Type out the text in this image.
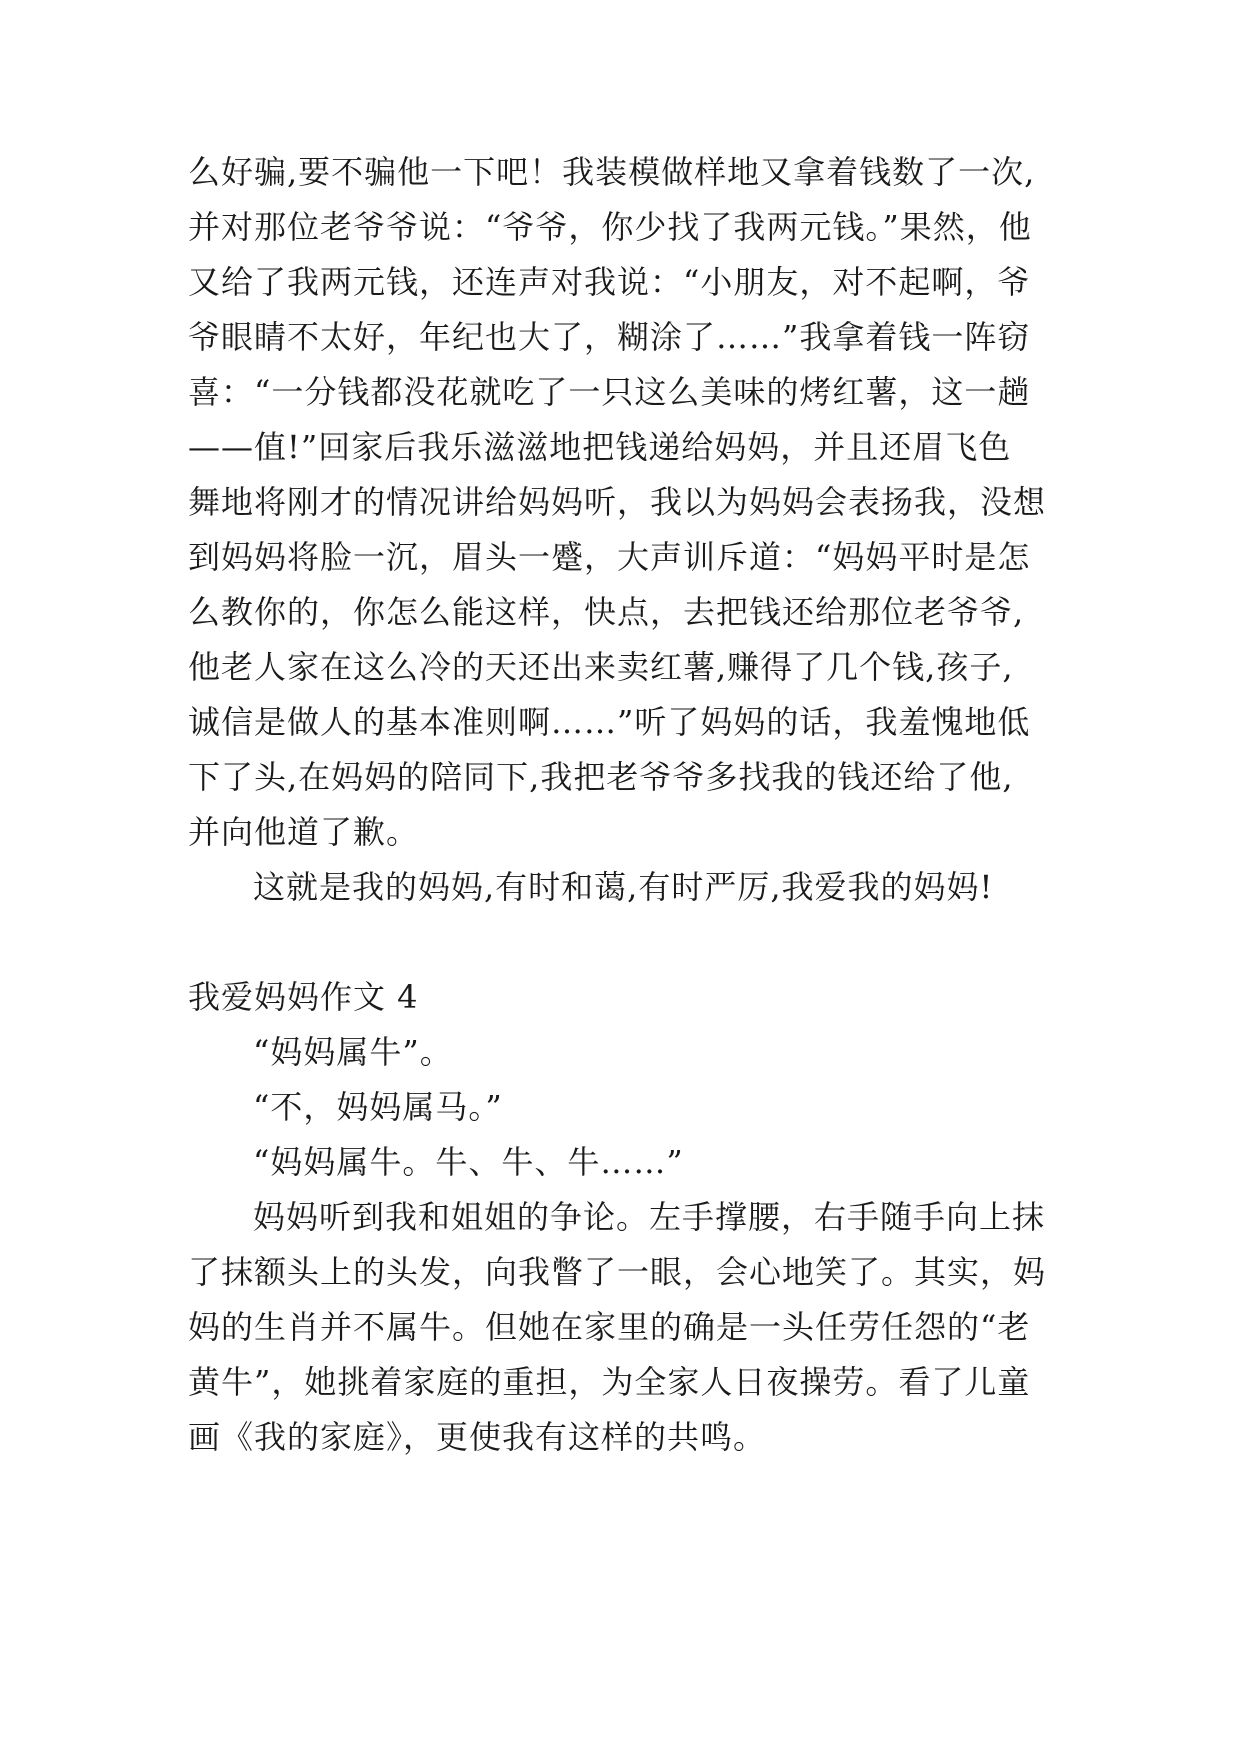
么好骗,要不骗他一下吧！我装模做样地又拿着钱数了一次,

并对那位老爷爷说：“爷爷，你少找了我两元钱。”果然，他

又给了我两元钱，还连声对我说：“小朋友，对不起啊，爷

爷眼睛不太好，年纪也大了，糊涂了……”我拿着钱一阵窃

喜：“一分钱都没花就吃了一只这么美味的烤红薯，这一趟

——值!”回家后我乐滋滋地把钱递给妈妈，并且还眉飞色

舞地将刚才的情况讲给妈妈听，我以为妈妈会表扬我，没想

到妈妈将脸一沉，眉头一蹙，大声训斥道：“妈妈平时是怎

么教你的，你怎么能这样，快点，去把钱还给那位老爷爷,

他老人家在这么冷的天还出来卖红薯,赚得了几个钱,孩子,

诚信是做人的基本准则啊……”听了妈妈的话，我羞愧地低

下了头,在妈妈的陪同下,我把老爷爷多找我的钱还给了他,

并向他道了歉。

这就是我的妈妈,有时和蔼,有时严厉,我爱我的妈妈!

我爱妈妈作文 4

“妈妈属牛”。

“不，妈妈属马。”

“妈妈属牛。牛、牛、牛……”

妈妈听到我和姐姐的争论。左手撑腰，右手随手向上抹

了抹额头上的头发，向我瞥了一眼，会心地笑了。其实，妈

妈的生肖并不属牛。但她在家里的确是一头任劳任怨的“老

黄牛”，她挑着家庭的重担，为全家人日夜操劳。看了儿童

画《我的家庭》，更使我有这样的共鸣。
